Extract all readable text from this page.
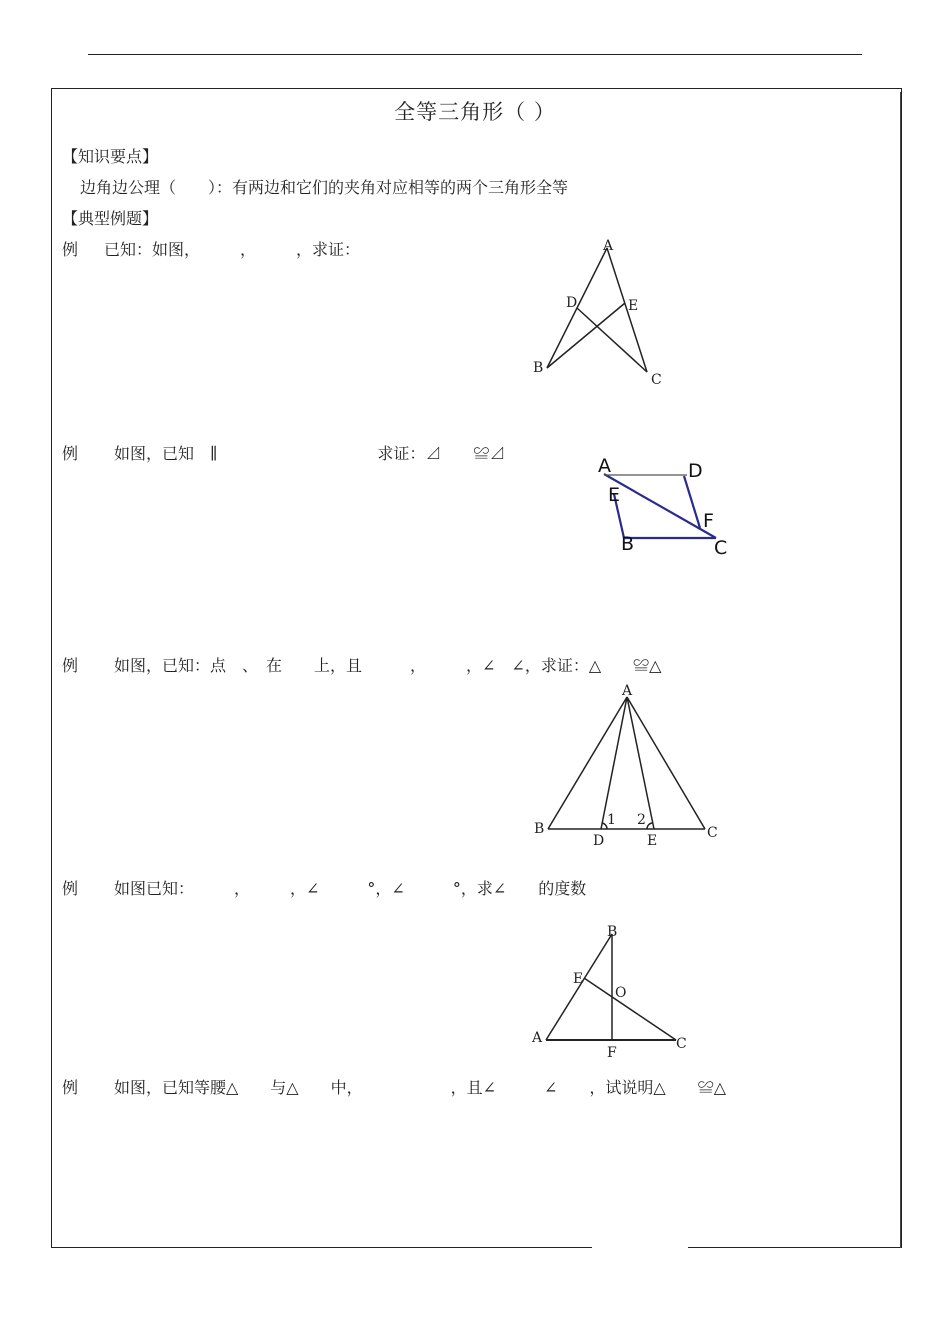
全等三角形（ ）
【知识要点】
边角边公理（　　）：有两边和它们的夹角对应相等的两个三角形全等
【典型例题】
例 已知：如图，　　　，　　　，求证：
例 如图，已知　∥　　　　　　　　　　求证：⊿　　≌⊿
例 如图，已知：点　、　在　　上，且　　　，　　　，∠　∠，求证：△　　≌△
例 如图已知：　　　，　　　，∠　　　°，∠　　　°，求∠　　的度数
例 如图，已知等腰△　　与△　　中，　　　　　　，且∠　　　∠　　，试说明△　　≌△
A
B
C
D	E
A	D
E
F
B	C
A
B	C
D	E
1 2
B
E
O
A	C
F
